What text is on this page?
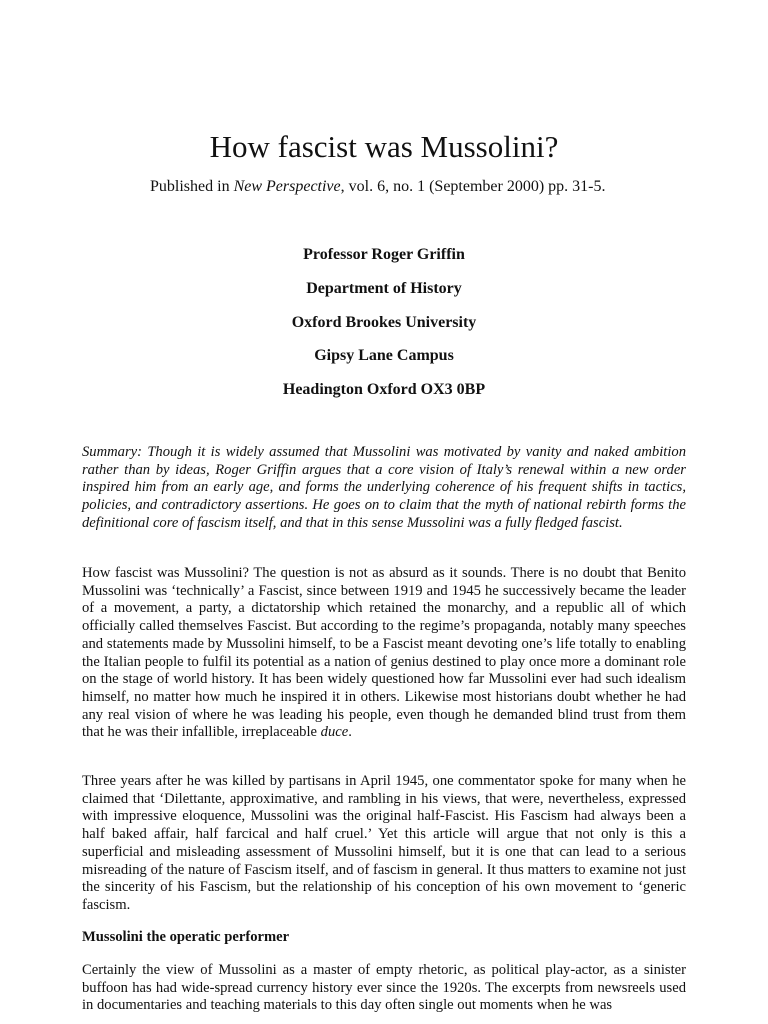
How fascist was Mussolini?
Published in New Perspective, vol. 6, no. 1 (September 2000) pp. 31-5.
Professor Roger Griffin
Department of History
Oxford Brookes University
Gipsy Lane Campus
Headington Oxford OX3 0BP

Summary: Though it is widely assumed that Mussolini was motivated by vanity and naked ambition rather than by ideas, Roger Griffin argues that a core vision of Italy’s renewal within a new order inspired him from an early age, and forms the underlying coherence of his frequent shifts in tactics, policies, and contradictory assertions. He goes on to claim that the myth of national rebirth forms the definitional core of fascism itself, and that in this sense Mussolini was a fully fledged fascist.

How fascist was Mussolini? The question is not as absurd as it sounds. There is no doubt that Benito Mussolini was ‘technically’ a Fascist, since between 1919 and 1945 he successively became the leader of a movement, a party, a dictatorship which retained the monarchy, and a republic all of which officially called themselves Fascist. But according to the regime’s propaganda, notably many speeches and statements made by Mussolini himself, to be a Fascist meant devoting one’s life totally to enabling the Italian people to fulfil its potential as a nation of genius destined to play once more a dominant role on the stage of world history. It has been widely questioned how far Mussolini ever had such idealism himself, no matter how much he inspired it in others. Likewise most historians doubt whether he had any real vision of where he was leading his people, even though he demanded blind trust from them that he was their infallible, irreplaceable duce.

Three years after he was killed by partisans in April 1945, one commentator spoke for many when he claimed that ‘Dilettante, approximative, and rambling in his views, that were, nevertheless, expressed with impressive eloquence, Mussolini was the original half-Fascist. His Fascism had always been a half baked affair, half farcical and half cruel.’ Yet this article will argue that not only is this a superficial and misleading assessment of Mussolini himself, but it is one that can lead to a serious misreading of the nature of Fascism itself, and of fascism in general. It thus matters to examine not just the sincerity of his Fascism, but the relationship of his conception of his own movement to ‘generic fascism.

Mussolini the operatic performer

Certainly the view of Mussolini as a master of empty rhetoric, as political play-actor, as a sinister buffoon has had wide-spread currency history ever since the 1920s. The excerpts from newsreels used in documentaries and teaching materials to this day often single out moments when he was
